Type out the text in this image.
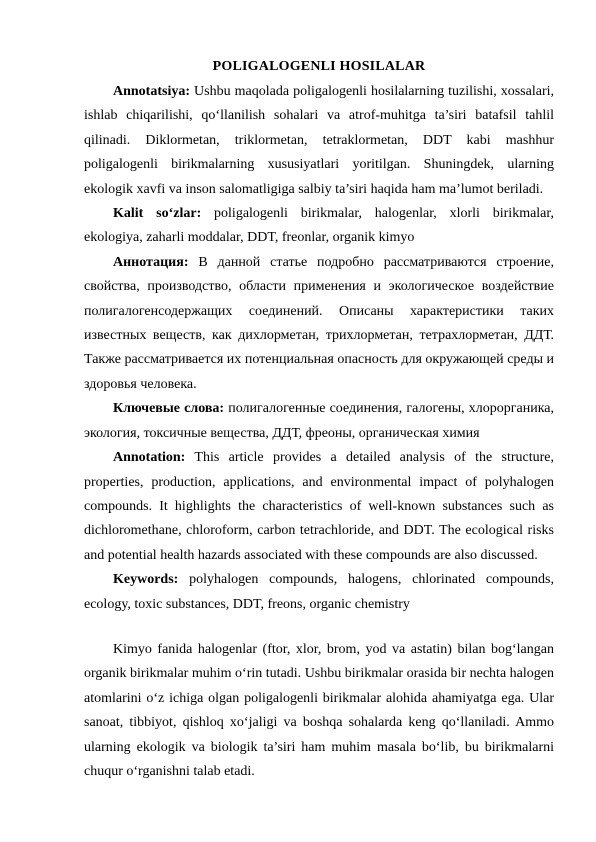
POLIGALOGENLI HOSILALAR

Annotatsiya: Ushbu maqolada poligalogenli hosilalarning tuzilishi, xossalari, ishlab chiqarilishi, qo‘llanilish sohalari va atrof-muhitga ta’siri batafsil tahlil qilinadi. Diklormetan, triklormetan, tetraklormetan, DDT kabi mashhur poligalogenli birikmalarning xususiyatlari yoritilgan. Shuningdek, ularning ekologik xavfi va inson salomatligiga salbiy ta’siri haqida ham ma’lumot beriladi.

Kalit so‘zlar: poligalogenli birikmalar, halogenlar, xlorli birikmalar, ekologiya, zaharli moddalar, DDT, freonlar, organik kimyo

Аннотация: В данной статье подробно рассматриваются строение, свойства, производство, области применения и экологическое воздействие полигалогенсодержащих соединений. Описаны характеристики таких известных веществ, как дихлорметан, трихлорметан, тетрахлорметан, ДДТ. Также рассматривается их потенциальная опасность для окружающей среды и здоровья человека.

Ключевые слова: полигалогенные соединения, галогены, хлорорганика, экология, токсичные вещества, ДДТ, фреоны, органическая химия

Annotation: This article provides a detailed analysis of the structure, properties, production, applications, and environmental impact of polyhalogen compounds. It highlights the characteristics of well-known substances such as dichloromethane, chloroform, carbon tetrachloride, and DDT. The ecological risks and potential health hazards associated with these compounds are also discussed.

Keywords: polyhalogen compounds, halogens, chlorinated compounds, ecology, toxic substances, DDT, freons, organic chemistry

Kimyo fanida halogenlar (ftor, xlor, brom, yod va astatin) bilan bog‘langan organik birikmalar muhim o‘rin tutadi. Ushbu birikmalar orasida bir nechta halogen atomlarini o‘z ichiga olgan poligalogenli birikmalar alohida ahamiyatga ega. Ular sanoat, tibbiyot, qishloq xo‘jaligi va boshqa sohalarda keng qo‘llaniladi. Ammo ularning ekologik va biologik ta’siri ham muhim masala bo‘lib, bu birikmalarni chuqur o‘rganishni talab etadi.
